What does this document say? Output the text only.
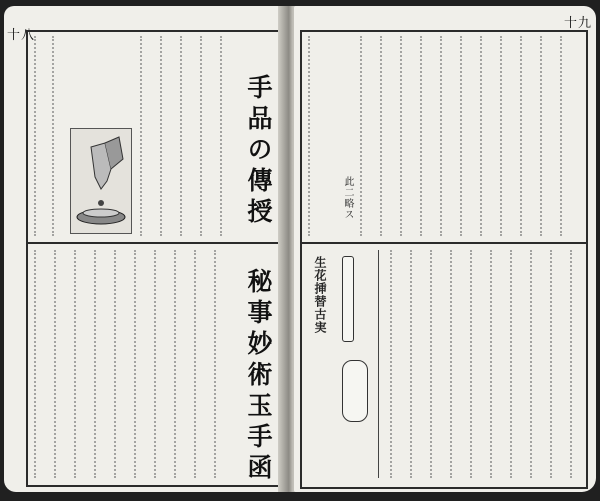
十八
手品の傳授
秘事妙術玉手函
十九
此二略ス
生花挿替古実
